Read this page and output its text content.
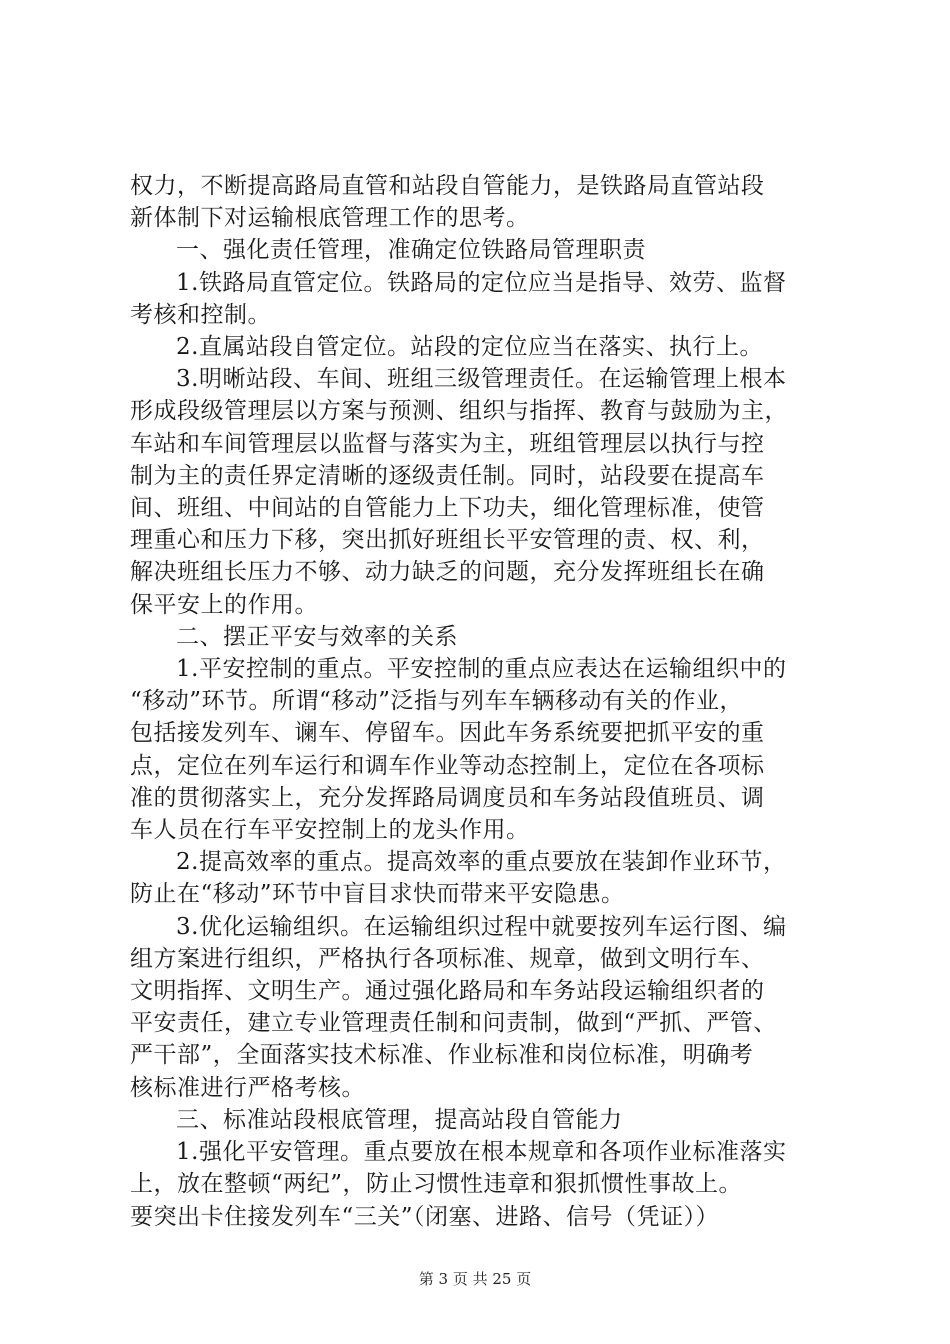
权力，不断提高路局直管和站段自管能力，是铁路局直管站段
新体制下对运输根底管理工作的思考。
一、强化责任管理，准确定位铁路局管理职责
1.铁路局直管定位。铁路局的定位应当是指导、效劳、监督
考核和控制。
2.直属站段自管定位。站段的定位应当在落实、执行上。
3.明晰站段、车间、班组三级管理责任。在运输管理上根本
形成段级管理层以方案与预测、组织与指挥、教育与鼓励为主，
车站和车间管理层以监督与落实为主，班组管理层以执行与控
制为主的责任界定清晰的逐级责任制。同时，站段要在提高车
间、班组、中间站的自管能力上下功夫，细化管理标准，使管
理重心和压力下移，突出抓好班组长平安管理的责、权、利，
解决班组长压力不够、动力缺乏的问题，充分发挥班组长在确
保平安上的作用。
二、摆正平安与效率的关系
1.平安控制的重点。平安控制的重点应表达在运输组织中的
“移动”环节。所谓“移动”泛指与列车车辆移动有关的作业，
包括接发列车、谰车、停留车。因此车务系统要把抓平安的重
点，定位在列车运行和调车作业等动态控制上，定位在各项标
准的贯彻落实上，充分发挥路局调度员和车务站段值班员、调
车人员在行车平安控制上的龙头作用。
2.提高效率的重点。提高效率的重点要放在装卸作业环节，
防止在“移动”环节中盲目求快而带来平安隐患。
3.优化运输组织。在运输组织过程中就要按列车运行图、编
组方案进行组织，严格执行各项标准、规章，做到文明行车、
文明指挥、文明生产。通过强化路局和车务站段运输组织者的
平安责任，建立专业管理责任制和问责制，做到“严抓、严管、
严干部”，全面落实技术标准、作业标准和岗位标准，明确考
核标准进行严格考核。
三、标准站段根底管理，提高站段自管能力
1.强化平安管理。重点要放在根本规章和各项作业标准落实
上，放在整顿“两纪”，防止习惯性违章和狠抓惯性事故上。
要突出卡住接发列车“三关”（闭塞、进路、信号（凭证））
第 3 页 共 25 页
